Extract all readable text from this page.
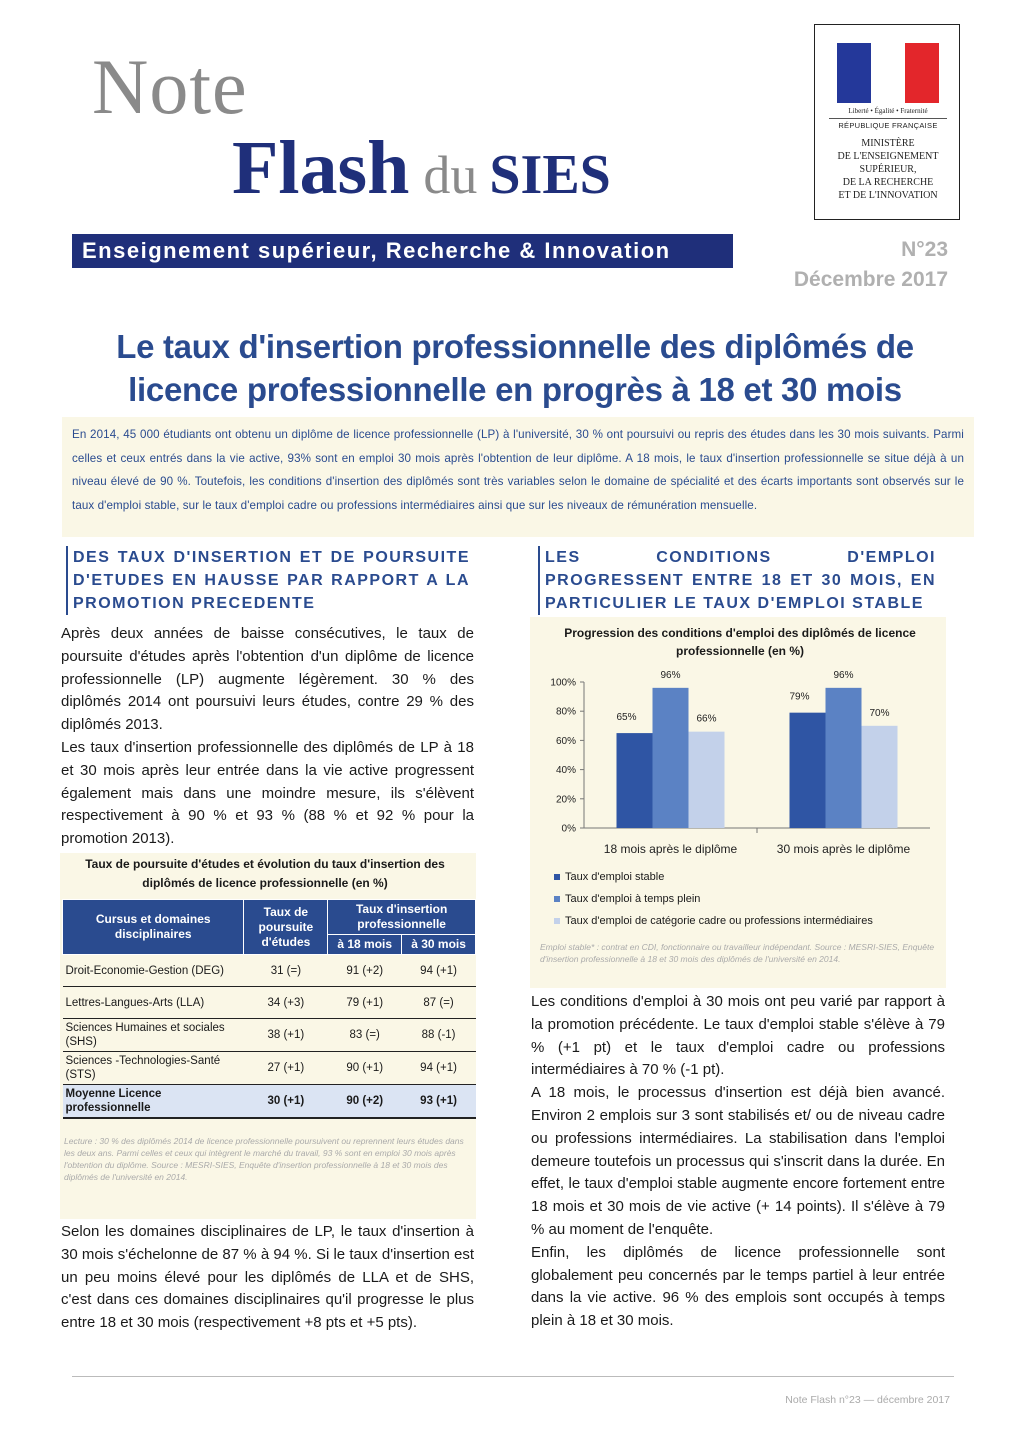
Note
Flash du SIES
Liberté • Égalité • Fraternité
RÉPUBLIQUE FRANÇAISE
MINISTÈRE
DE L'ENSEIGNEMENT
SUPÉRIEUR,
DE LA RECHERCHE
ET DE L'INNOVATION
Enseignement supérieur, Recherche & Innovation	N°23
Décembre 2017
Le taux d'insertion professionnelle des diplômés de licence professionnelle en progrès à 18 et 30 mois
En 2014, 45 000 étudiants ont obtenu un diplôme de licence professionnelle (LP) à l'université, 30 % ont poursuivi ou repris des études dans les 30 mois suivants. Parmi celles et ceux entrés dans la vie active, 93% sont en emploi 30 mois après l'obtention de leur diplôme. A 18 mois, le taux d'insertion professionnelle se situe déjà à un niveau élevé de 90 %. Toutefois, les conditions d'insertion des diplômés sont très variables selon le domaine de spécialité et des écarts importants sont observés sur le taux d'emploi stable, sur le taux d'emploi cadre ou professions intermédiaires ainsi que sur les niveaux de rémunération mensuelle.
DES TAUX D'INSERTION ET DE POURSUITE D'ETUDES EN HAUSSE PAR RAPPORT A LA PROMOTION PRECEDENTE

Après deux années de baisse consécutives, le taux de poursuite d'études après l'obtention d'un diplôme de licence professionnelle (LP) augmente légèrement. 30 % des diplômés 2014 ont poursuivi leurs études, contre 29 % des diplômés 2013.

Les taux d'insertion professionnelle des diplômés de LP à 18 et 30 mois après leur entrée dans la vie active progressent également mais dans une moindre mesure, ils s'élèvent respectivement à 90 % et 93 % (88 % et 92 % pour la promotion 2013).

Taux de poursuite d'études et évolution du taux d'insertion des diplômés de licence professionnelle (en %)
Cursus et domaines disciplinaires	Taux de poursuite d'études	Taux d'insertion professionnelle	
		à 18 mois	à 30 mois
Droit-Economie-Gestion (DEG)	31 (=)	91 (+2)	94 (+1)
Lettres-Langues-Arts (LLA)	34 (+3)	79 (+1)	87 (=)
Sciences Humaines et sociales (SHS)	38 (+1)	83 (=)	88 (-1)
Sciences -Technologies-Santé (STS)	27 (+1)	90 (+1)	94 (+1)
Moyenne Licence professionnelle	30 (+1)	90 (+2)	93 (+1)
Lecture : 30 % des diplômés 2014 de licence professionnelle poursuivent ou reprennent leurs études dans les deux ans. Parmi celles et ceux qui intègrent le marché du travail, 93 % sont en emploi 30 mois après l'obtention du diplôme. Source : MESRI-SIES, Enquête d'insertion professionnelle à 18 et 30 mois des diplômés de l'université en 2014.
Selon les domaines disciplinaires de LP, le taux d'insertion à 30 mois s'échelonne de 87 % à 94 %. Si le taux d'insertion est un peu moins élevé pour les diplômés de LLA et de SHS, c'est dans ces domaines disciplinaires qu'il progresse le plus entre 18 et 30 mois (respectivement +8 pts et +5 pts).
LES CONDITIONS D'EMPLOI PROGRESSENT ENTRE 18 ET 30 MOIS, EN PARTICULIER LE TAUX D'EMPLOI STABLE
Progression des conditions d'emploi des diplômés de licence professionnelle (en %)
0%
20%
40%
60%
80%
100%
65%
96%
66%
18 mois après le diplôme
79%
96%
70%
30 mois après le diplôme
Taux d'emploi stable
Taux d'emploi à temps plein
Taux d'emploi de catégorie cadre ou professions intermédiaires
Emploi stable* : contrat en CDI, fonctionnaire ou travailleur indépendant. Source : MESRI-SIES, Enquête d'insertion professionnelle à 18 et 30 mois des diplômés de l'université en 2014.

Les conditions d'emploi à 30 mois ont peu varié par rapport à la promotion précédente. Le taux d'emploi stable s'élève à 79 % (+1 pt) et le taux d'emploi cadre ou professions intermédiaires à 70 % (-1 pt).

A 18 mois, le processus d'insertion est déjà bien avancé. Environ 2 emplois sur 3 sont stabilisés et/ ou de niveau cadre ou professions intermédiaires. La stabilisation dans l'emploi demeure toutefois un processus qui s'inscrit dans la durée. En effet, le taux d'emploi stable augmente encore fortement entre 18 mois et 30 mois de vie active (+ 14 points). Il s'élève à 79 % au moment de l'enquête.

Enfin, les diplômés de licence professionnelle sont globalement peu concernés par le temps partiel à leur entrée dans la vie active. 96 % des emplois sont occupés à temps plein à 18 et 30 mois.

Note Flash n°23 — décembre 2017
